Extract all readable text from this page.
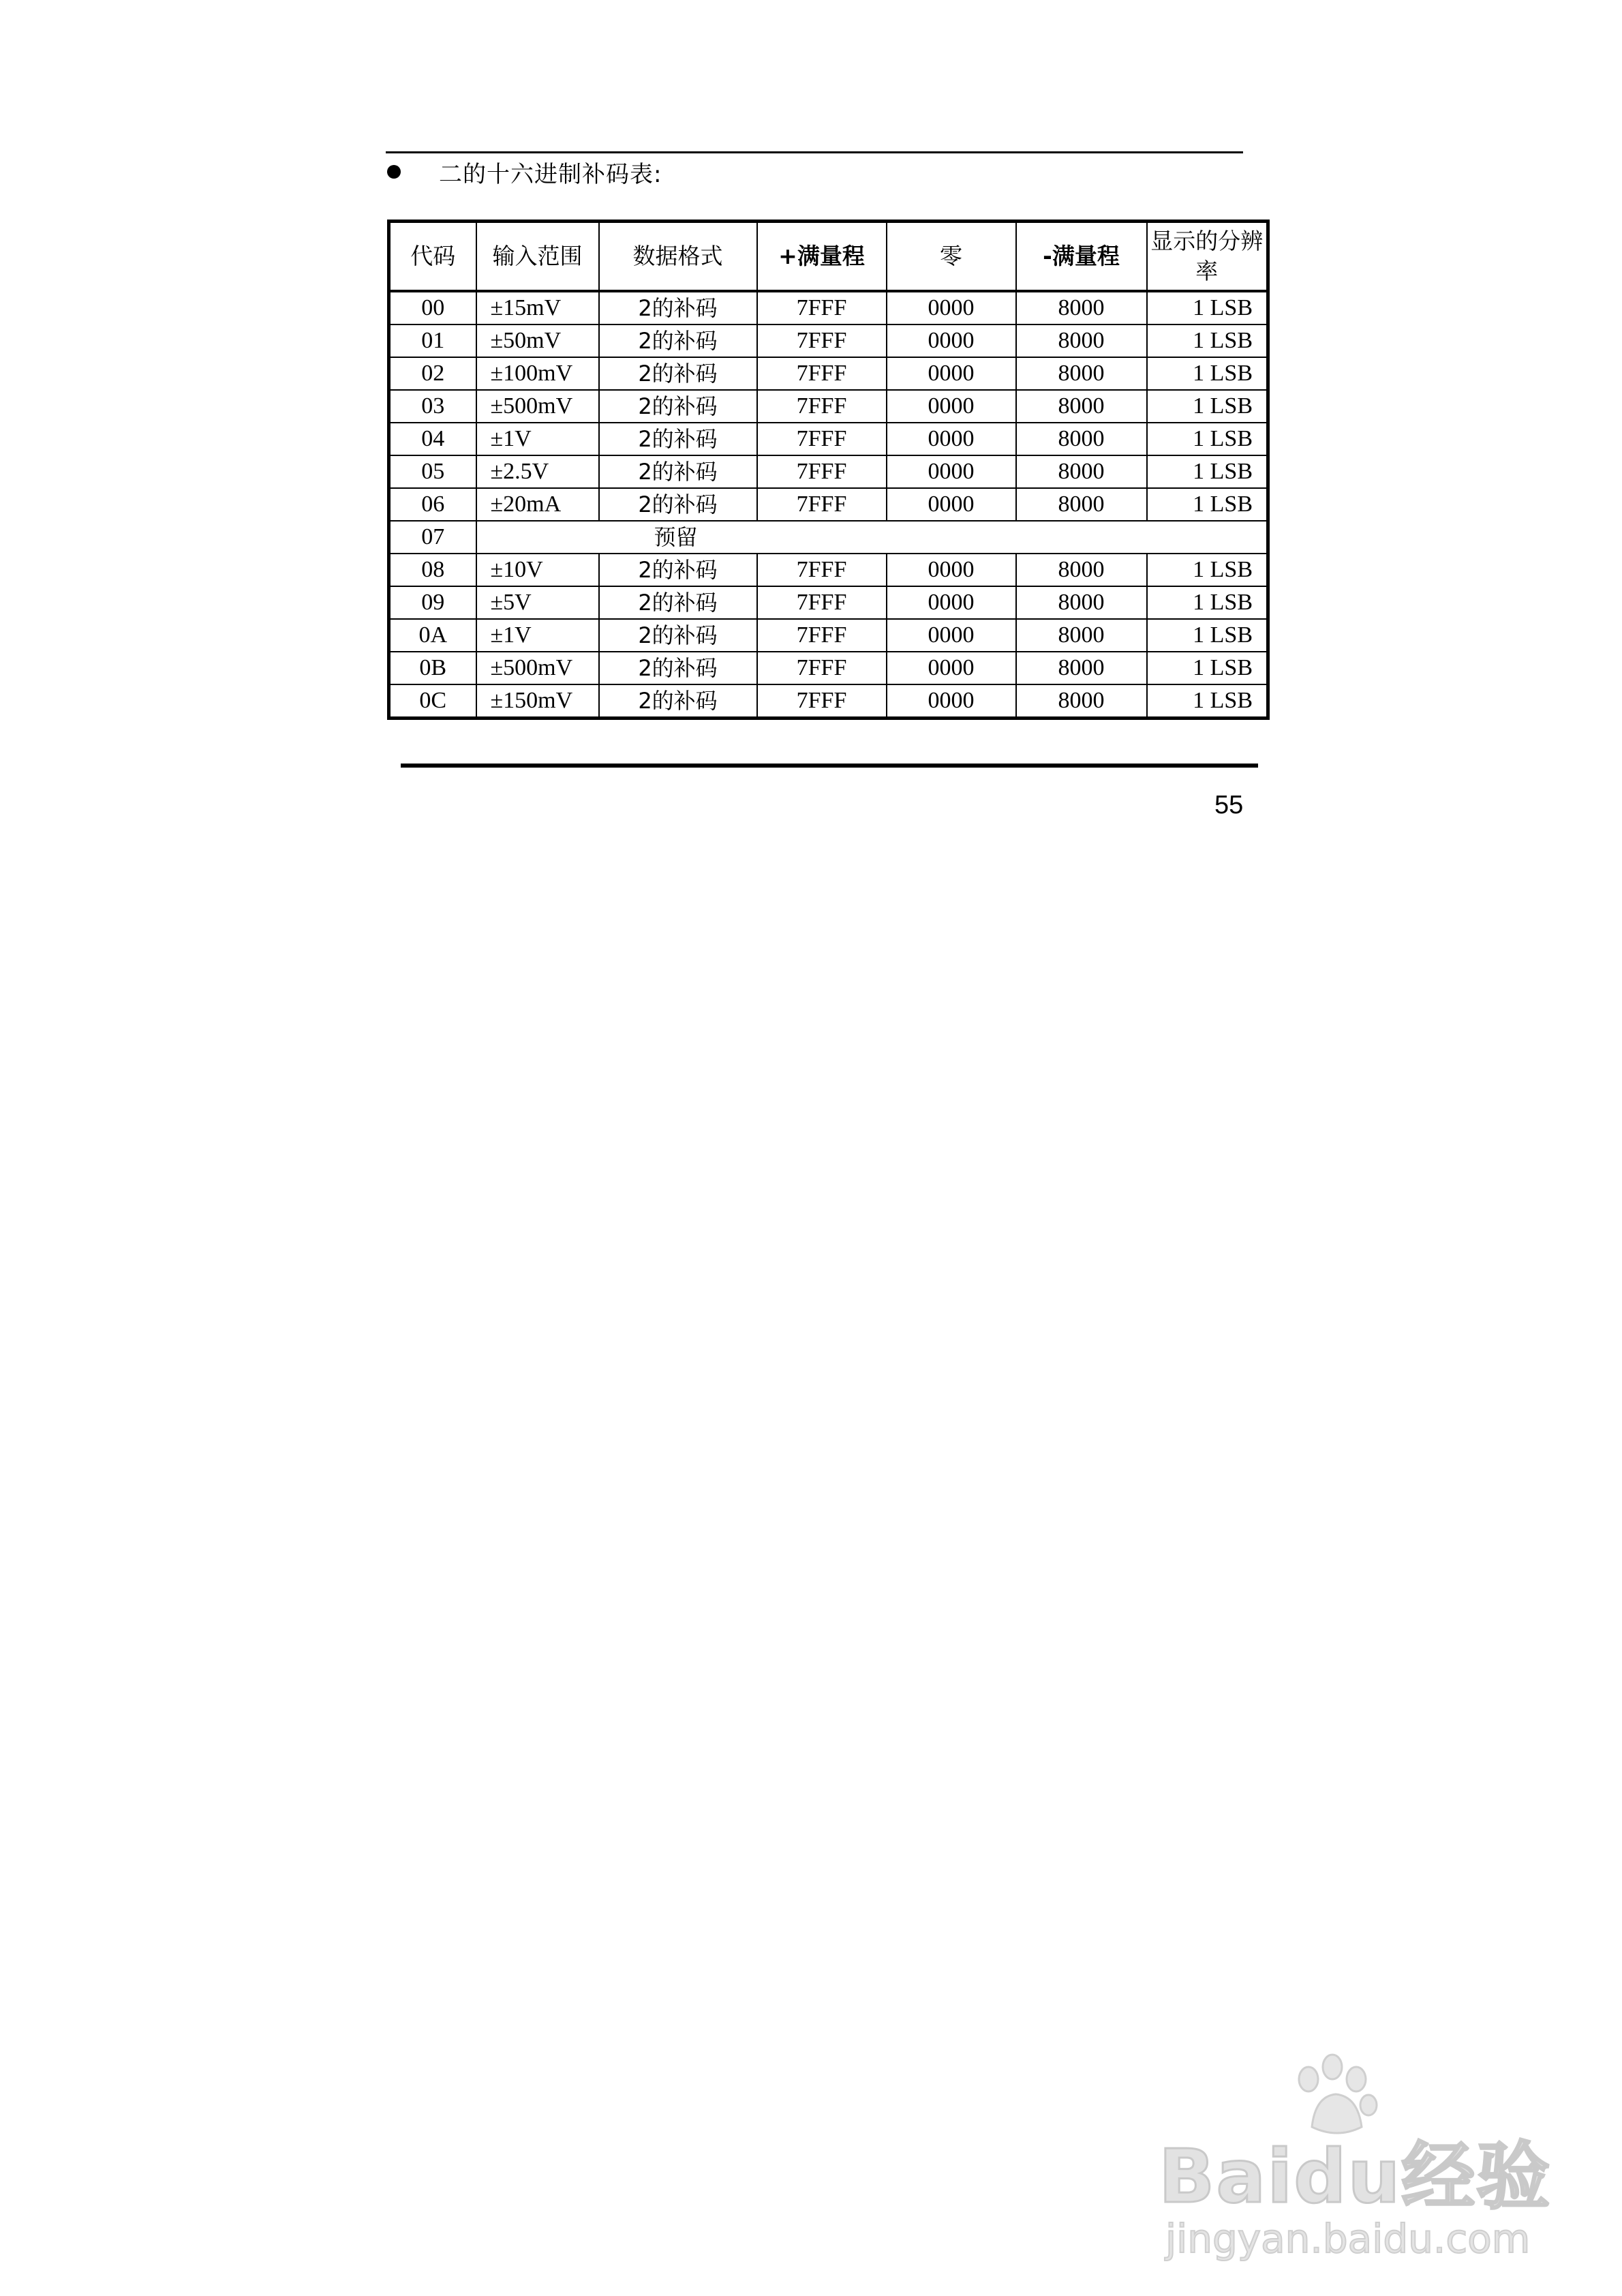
二的十六进制补码表:
代码	输入范围	数据格式	+满量程	零	-满量程	显示的分辨率
00	±15mV	2的补码	7FFF	0000	8000	1 LSB
01	±50mV	2的补码	7FFF	0000	8000	1 LSB
02	±100mV	2的补码	7FFF	0000	8000	1 LSB
03	±500mV	2的补码	7FFF	0000	8000	1 LSB
04	±1V	2的补码	7FFF	0000	8000	1 LSB
05	±2.5V	2的补码	7FFF	0000	8000	1 LSB
06	±20mA	2的补码	7FFF	0000	8000	1 LSB
07	预留					
08	±10V	2的补码	7FFF	0000	8000	1 LSB
09	±5V	2的补码	7FFF	0000	8000	1 LSB
0A	±1V	2的补码	7FFF	0000	8000	1 LSB
0B	±500mV	2的补码	7FFF	0000	8000	1 LSB
0C	±150mV	2的补码	7FFF	0000	8000	1 LSB
55
Baidu经验
jingyan.baidu.com
